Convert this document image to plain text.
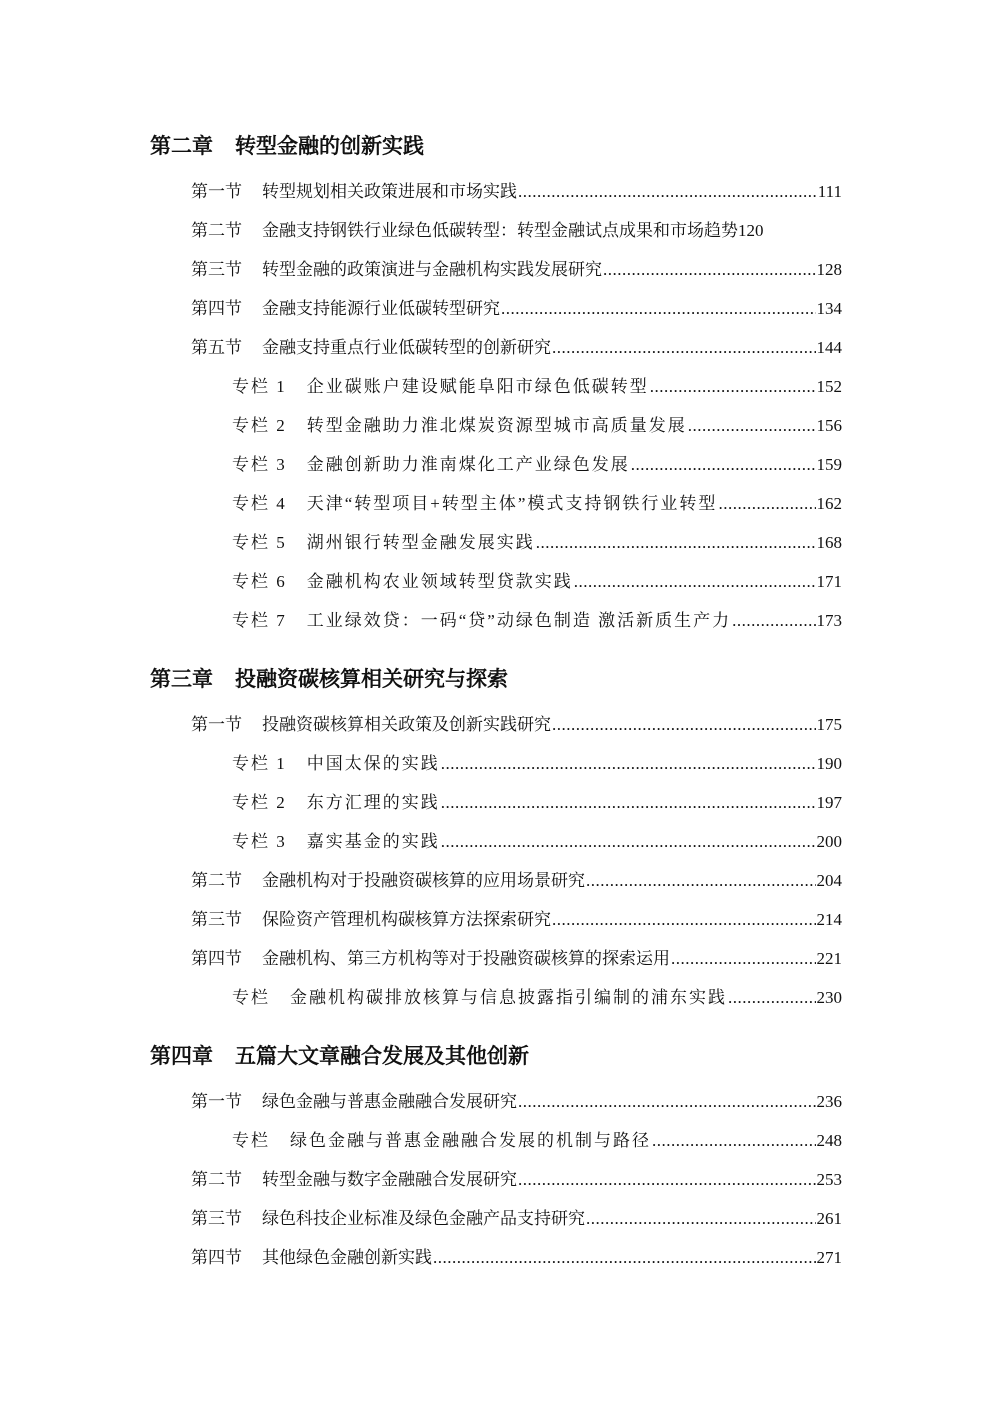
第二章 转型金融的创新实践
第一节 转型规划相关政策进展和市场实践 .....	111
第二节 金融支持钢铁行业绿色低碳转型：转型金融试点成果和市场趋势 120
第三节 转型金融的政策演进与金融机构实践发展研究 .....	128
第四节 金融支持能源行业低碳转型研究 .....	134
第五节 金融支持重点行业低碳转型的创新研究 .....	144
专栏 1 企业碳账户建设赋能阜阳市绿色低碳转型 .....	152
专栏 2 转型金融助力淮北煤炭资源型城市高质量发展 .....	156
专栏 3 金融创新助力淮南煤化工产业绿色发展 .....	159
专栏 4 天津“转型项目+转型主体”模式支持钢铁行业转型 .....	162
专栏 5 湖州银行转型金融发展实践 .....	168
专栏 6 金融机构农业领域转型贷款实践 .....	171
专栏 7 工业绿效贷：一码“贷”动绿色制造 激活新质生产力 .....	173
第三章 投融资碳核算相关研究与探索
第一节 投融资碳核算相关政策及创新实践研究 .....	175
专栏 1 中国太保的实践 .....	190
专栏 2 东方汇理的实践 .....	197
专栏 3 嘉实基金的实践 .....	200
第二节 金融机构对于投融资碳核算的应用场景研究 .....	204
第三节 保险资产管理机构碳核算方法探索研究 .....	214
第四节 金融机构、第三方机构等对于投融资碳核算的探索运用 .....	221
专栏 金融机构碳排放核算与信息披露指引编制的浦东实践 .....	230
第四章 五篇大文章融合发展及其他创新
第一节 绿色金融与普惠金融融合发展研究 .....	236
专栏 绿色金融与普惠金融融合发展的机制与路径 .....	248
第二节 转型金融与数字金融融合发展研究 .....	253
第三节 绿色科技企业标准及绿色金融产品支持研究 .....	261
第四节 其他绿色金融创新实践 .....	271
